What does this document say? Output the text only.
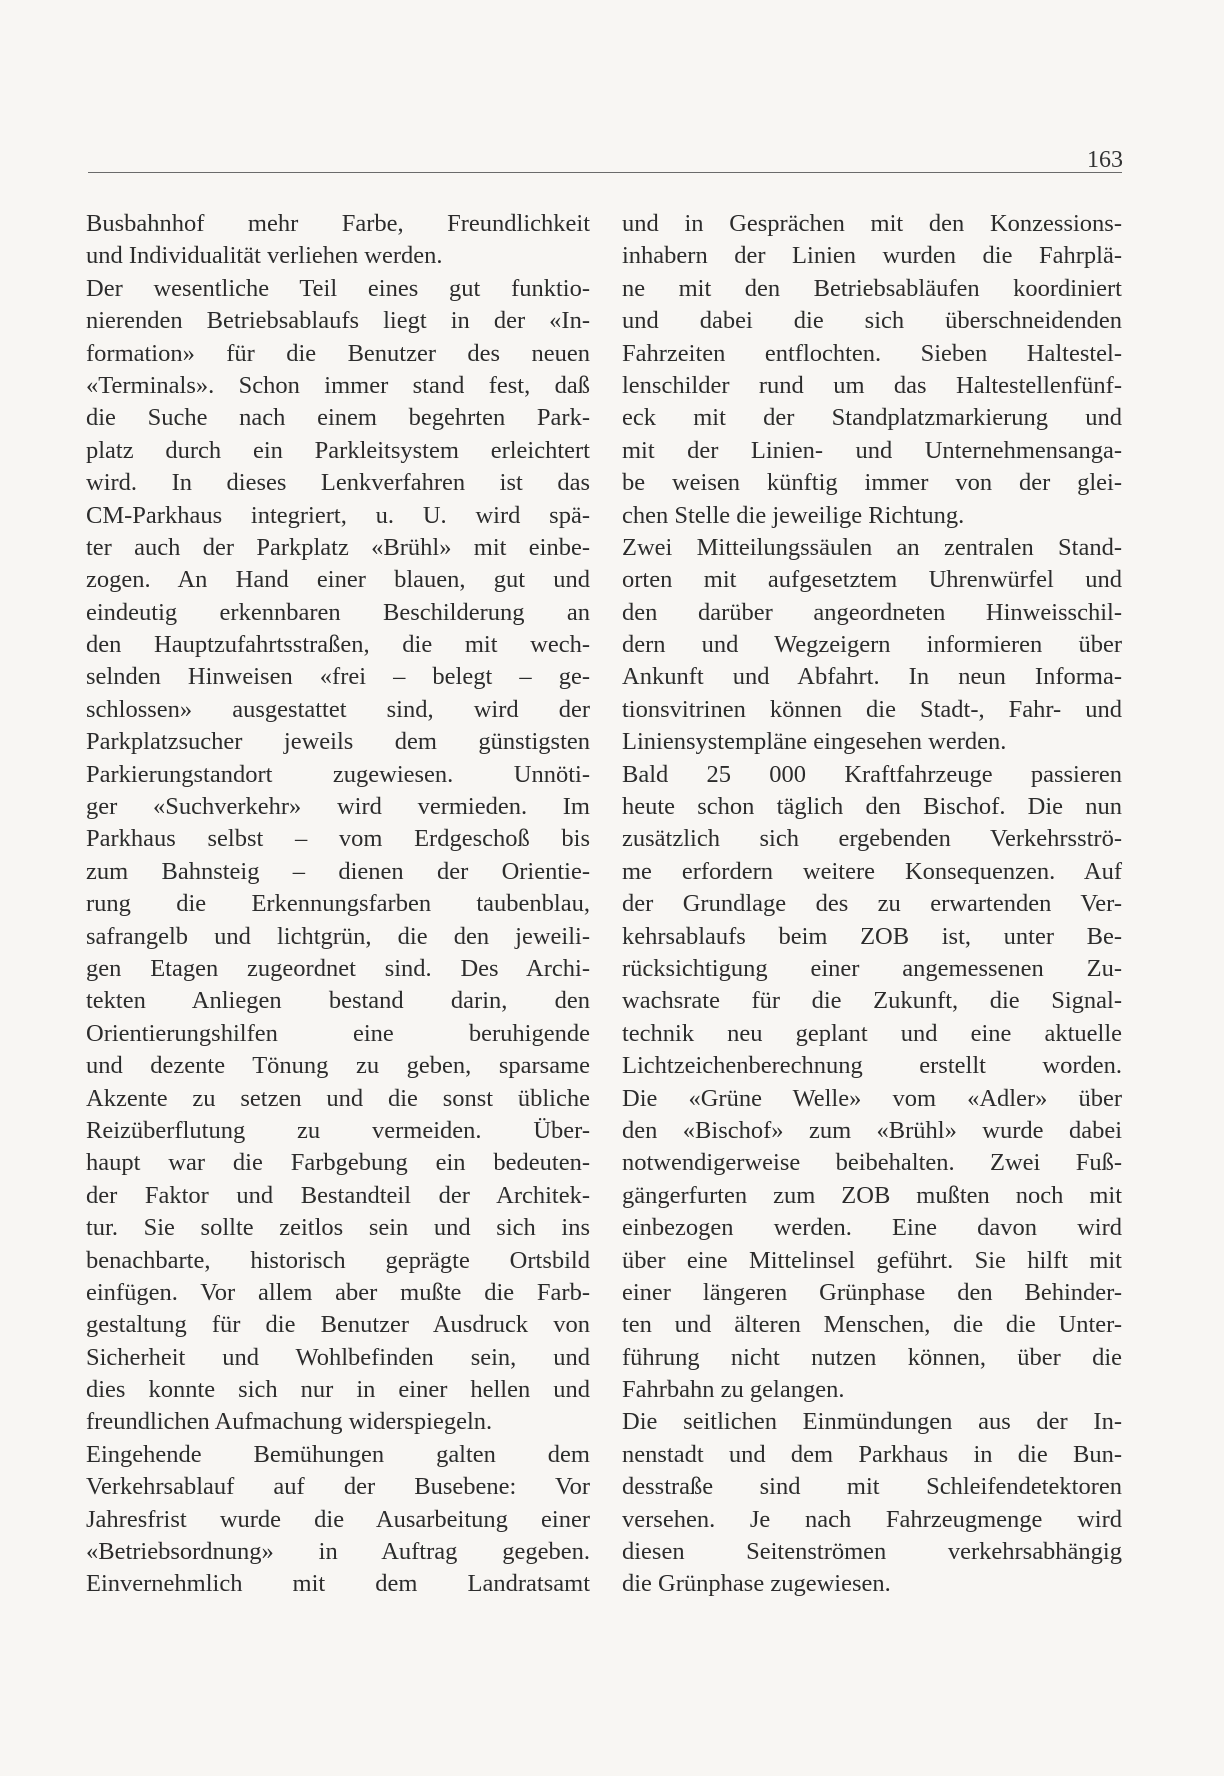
163
Busbahnhof mehr Farbe, Freundlichkeit
und Individualität verliehen werden.
Der wesentliche Teil eines gut funktio-
nierenden Betriebsablaufs liegt in der «In-
formation» für die Benutzer des neuen
«Terminals». Schon immer stand fest, daß
die Suche nach einem begehrten Park-
platz durch ein Parkleitsystem erleichtert
wird. In dieses Lenkverfahren ist das
CM-Parkhaus integriert, u. U. wird spä-
ter auch der Parkplatz «Brühl» mit einbe-
zogen. An Hand einer blauen, gut und
eindeutig erkennbaren Beschilderung an
den Hauptzufahrtsstraßen, die mit wech-
selnden Hinweisen «frei – belegt – ge-
schlossen» ausgestattet sind, wird der
Parkplatzsucher jeweils dem günstigsten
Parkierungstandort zugewiesen. Unnöti-
ger «Suchverkehr» wird vermieden. Im
Parkhaus selbst – vom Erdgeschoß bis
zum Bahnsteig – dienen der Orientie-
rung die Erkennungsfarben taubenblau,
safrangelb und lichtgrün, die den jeweili-
gen Etagen zugeordnet sind. Des Archi-
tekten Anliegen bestand darin, den
Orientierungshilfen eine beruhigende
und dezente Tönung zu geben, sparsame
Akzente zu setzen und die sonst übliche
Reizüberflutung zu vermeiden. Über-
haupt war die Farbgebung ein bedeuten-
der Faktor und Bestandteil der Architek-
tur. Sie sollte zeitlos sein und sich ins
benachbarte, historisch geprägte Ortsbild
einfügen. Vor allem aber mußte die Farb-
gestaltung für die Benutzer Ausdruck von
Sicherheit und Wohlbefinden sein, und
dies konnte sich nur in einer hellen und
freundlichen Aufmachung widerspiegeln.
Eingehende Bemühungen galten dem
Verkehrsablauf auf der Busebene: Vor
Jahresfrist wurde die Ausarbeitung einer
«Betriebsordnung» in Auftrag gegeben.
Einvernehmlich mit dem Landratsamt
und in Gesprächen mit den Konzessions-
inhabern der Linien wurden die Fahrplä-
ne mit den Betriebsabläufen koordiniert
und dabei die sich überschneidenden
Fahrzeiten entflochten. Sieben Haltestel-
lenschilder rund um das Haltestellenfünf-
eck mit der Standplatzmarkierung und
mit der Linien- und Unternehmensanga-
be weisen künftig immer von der glei-
chen Stelle die jeweilige Richtung.
Zwei Mitteilungssäulen an zentralen Stand-
orten mit aufgesetztem Uhrenwürfel und
den darüber angeordneten Hinweisschil-
dern und Wegzeigern informieren über
Ankunft und Abfahrt. In neun Informa-
tionsvitrinen können die Stadt-, Fahr- und
Liniensystempläne eingesehen werden.
Bald 25 000 Kraftfahrzeuge passieren
heute schon täglich den Bischof. Die nun
zusätzlich sich ergebenden Verkehrsströ-
me erfordern weitere Konsequenzen. Auf
der Grundlage des zu erwartenden Ver-
kehrsablaufs beim ZOB ist, unter Be-
rücksichtigung einer angemessenen Zu-
wachsrate für die Zukunft, die Signal-
technik neu geplant und eine aktuelle
Lichtzeichenberechnung erstellt worden.
Die «Grüne Welle» vom «Adler» über
den «Bischof» zum «Brühl» wurde dabei
notwendigerweise beibehalten. Zwei Fuß-
gängerfurten zum ZOB mußten noch mit
einbezogen werden. Eine davon wird
über eine Mittelinsel geführt. Sie hilft mit
einer längeren Grünphase den Behinder-
ten und älteren Menschen, die die Unter-
führung nicht nutzen können, über die
Fahrbahn zu gelangen.
Die seitlichen Einmündungen aus der In-
nenstadt und dem Parkhaus in die Bun-
desstraße sind mit Schleifendetektoren
versehen. Je nach Fahrzeugmenge wird
diesen Seitenströmen verkehrsabhängig
die Grünphase zugewiesen.
